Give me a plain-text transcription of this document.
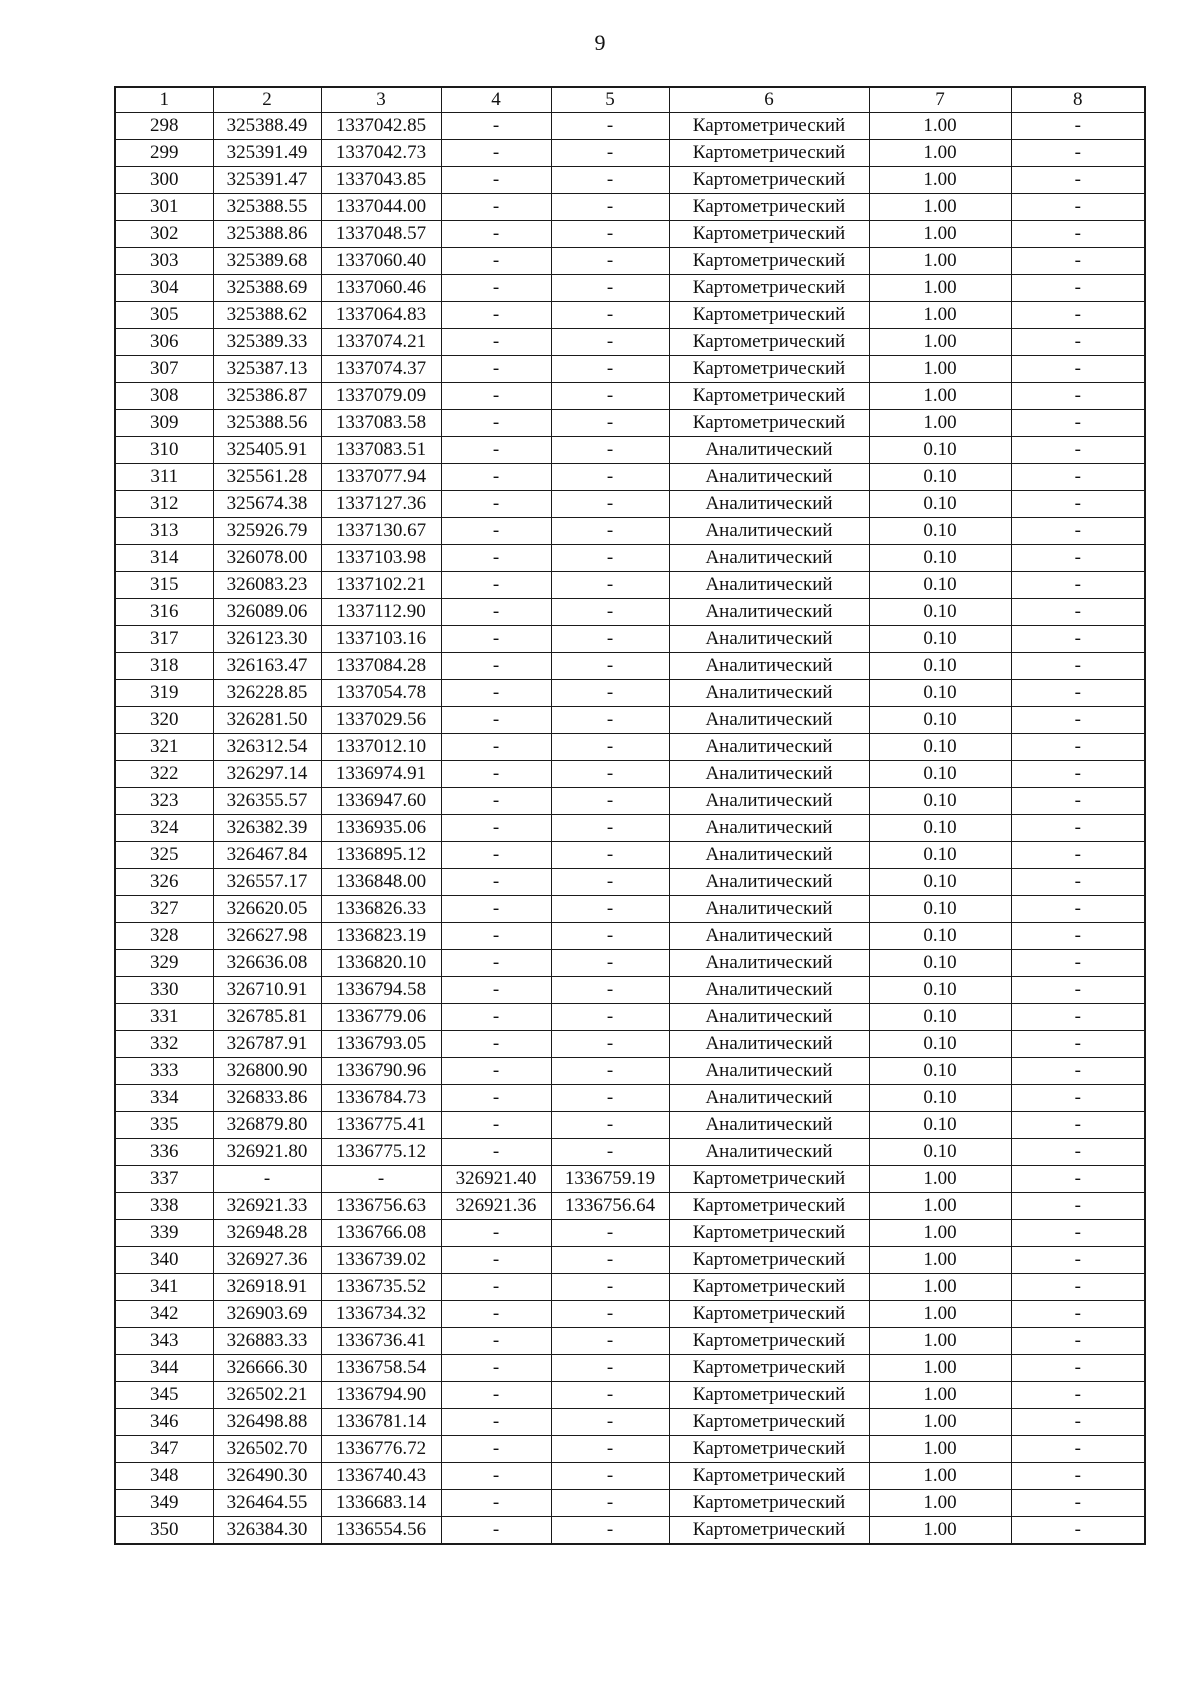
9
1	2	3	4	5	6	7	8
298	325388.49	1337042.85	-	-	Картометрический	1.00	-
299	325391.49	1337042.73	-	-	Картометрический	1.00	-
300	325391.47	1337043.85	-	-	Картометрический	1.00	-
301	325388.55	1337044.00	-	-	Картометрический	1.00	-
302	325388.86	1337048.57	-	-	Картометрический	1.00	-
303	325389.68	1337060.40	-	-	Картометрический	1.00	-
304	325388.69	1337060.46	-	-	Картометрический	1.00	-
305	325388.62	1337064.83	-	-	Картометрический	1.00	-
306	325389.33	1337074.21	-	-	Картометрический	1.00	-
307	325387.13	1337074.37	-	-	Картометрический	1.00	-
308	325386.87	1337079.09	-	-	Картометрический	1.00	-
309	325388.56	1337083.58	-	-	Картометрический	1.00	-
310	325405.91	1337083.51	-	-	Аналитический	0.10	-
311	325561.28	1337077.94	-	-	Аналитический	0.10	-
312	325674.38	1337127.36	-	-	Аналитический	0.10	-
313	325926.79	1337130.67	-	-	Аналитический	0.10	-
314	326078.00	1337103.98	-	-	Аналитический	0.10	-
315	326083.23	1337102.21	-	-	Аналитический	0.10	-
316	326089.06	1337112.90	-	-	Аналитический	0.10	-
317	326123.30	1337103.16	-	-	Аналитический	0.10	-
318	326163.47	1337084.28	-	-	Аналитический	0.10	-
319	326228.85	1337054.78	-	-	Аналитический	0.10	-
320	326281.50	1337029.56	-	-	Аналитический	0.10	-
321	326312.54	1337012.10	-	-	Аналитический	0.10	-
322	326297.14	1336974.91	-	-	Аналитический	0.10	-
323	326355.57	1336947.60	-	-	Аналитический	0.10	-
324	326382.39	1336935.06	-	-	Аналитический	0.10	-
325	326467.84	1336895.12	-	-	Аналитический	0.10	-
326	326557.17	1336848.00	-	-	Аналитический	0.10	-
327	326620.05	1336826.33	-	-	Аналитический	0.10	-
328	326627.98	1336823.19	-	-	Аналитический	0.10	-
329	326636.08	1336820.10	-	-	Аналитический	0.10	-
330	326710.91	1336794.58	-	-	Аналитический	0.10	-
331	326785.81	1336779.06	-	-	Аналитический	0.10	-
332	326787.91	1336793.05	-	-	Аналитический	0.10	-
333	326800.90	1336790.96	-	-	Аналитический	0.10	-
334	326833.86	1336784.73	-	-	Аналитический	0.10	-
335	326879.80	1336775.41	-	-	Аналитический	0.10	-
336	326921.80	1336775.12	-	-	Аналитический	0.10	-
337	-	-	326921.40	1336759.19	Картометрический	1.00	-
338	326921.33	1336756.63	326921.36	1336756.64	Картометрический	1.00	-
339	326948.28	1336766.08	-	-	Картометрический	1.00	-
340	326927.36	1336739.02	-	-	Картометрический	1.00	-
341	326918.91	1336735.52	-	-	Картометрический	1.00	-
342	326903.69	1336734.32	-	-	Картометрический	1.00	-
343	326883.33	1336736.41	-	-	Картометрический	1.00	-
344	326666.30	1336758.54	-	-	Картометрический	1.00	-
345	326502.21	1336794.90	-	-	Картометрический	1.00	-
346	326498.88	1336781.14	-	-	Картометрический	1.00	-
347	326502.70	1336776.72	-	-	Картометрический	1.00	-
348	326490.30	1336740.43	-	-	Картометрический	1.00	-
349	326464.55	1336683.14	-	-	Картометрический	1.00	-
350	326384.30	1336554.56	-	-	Картометрический	1.00	-
